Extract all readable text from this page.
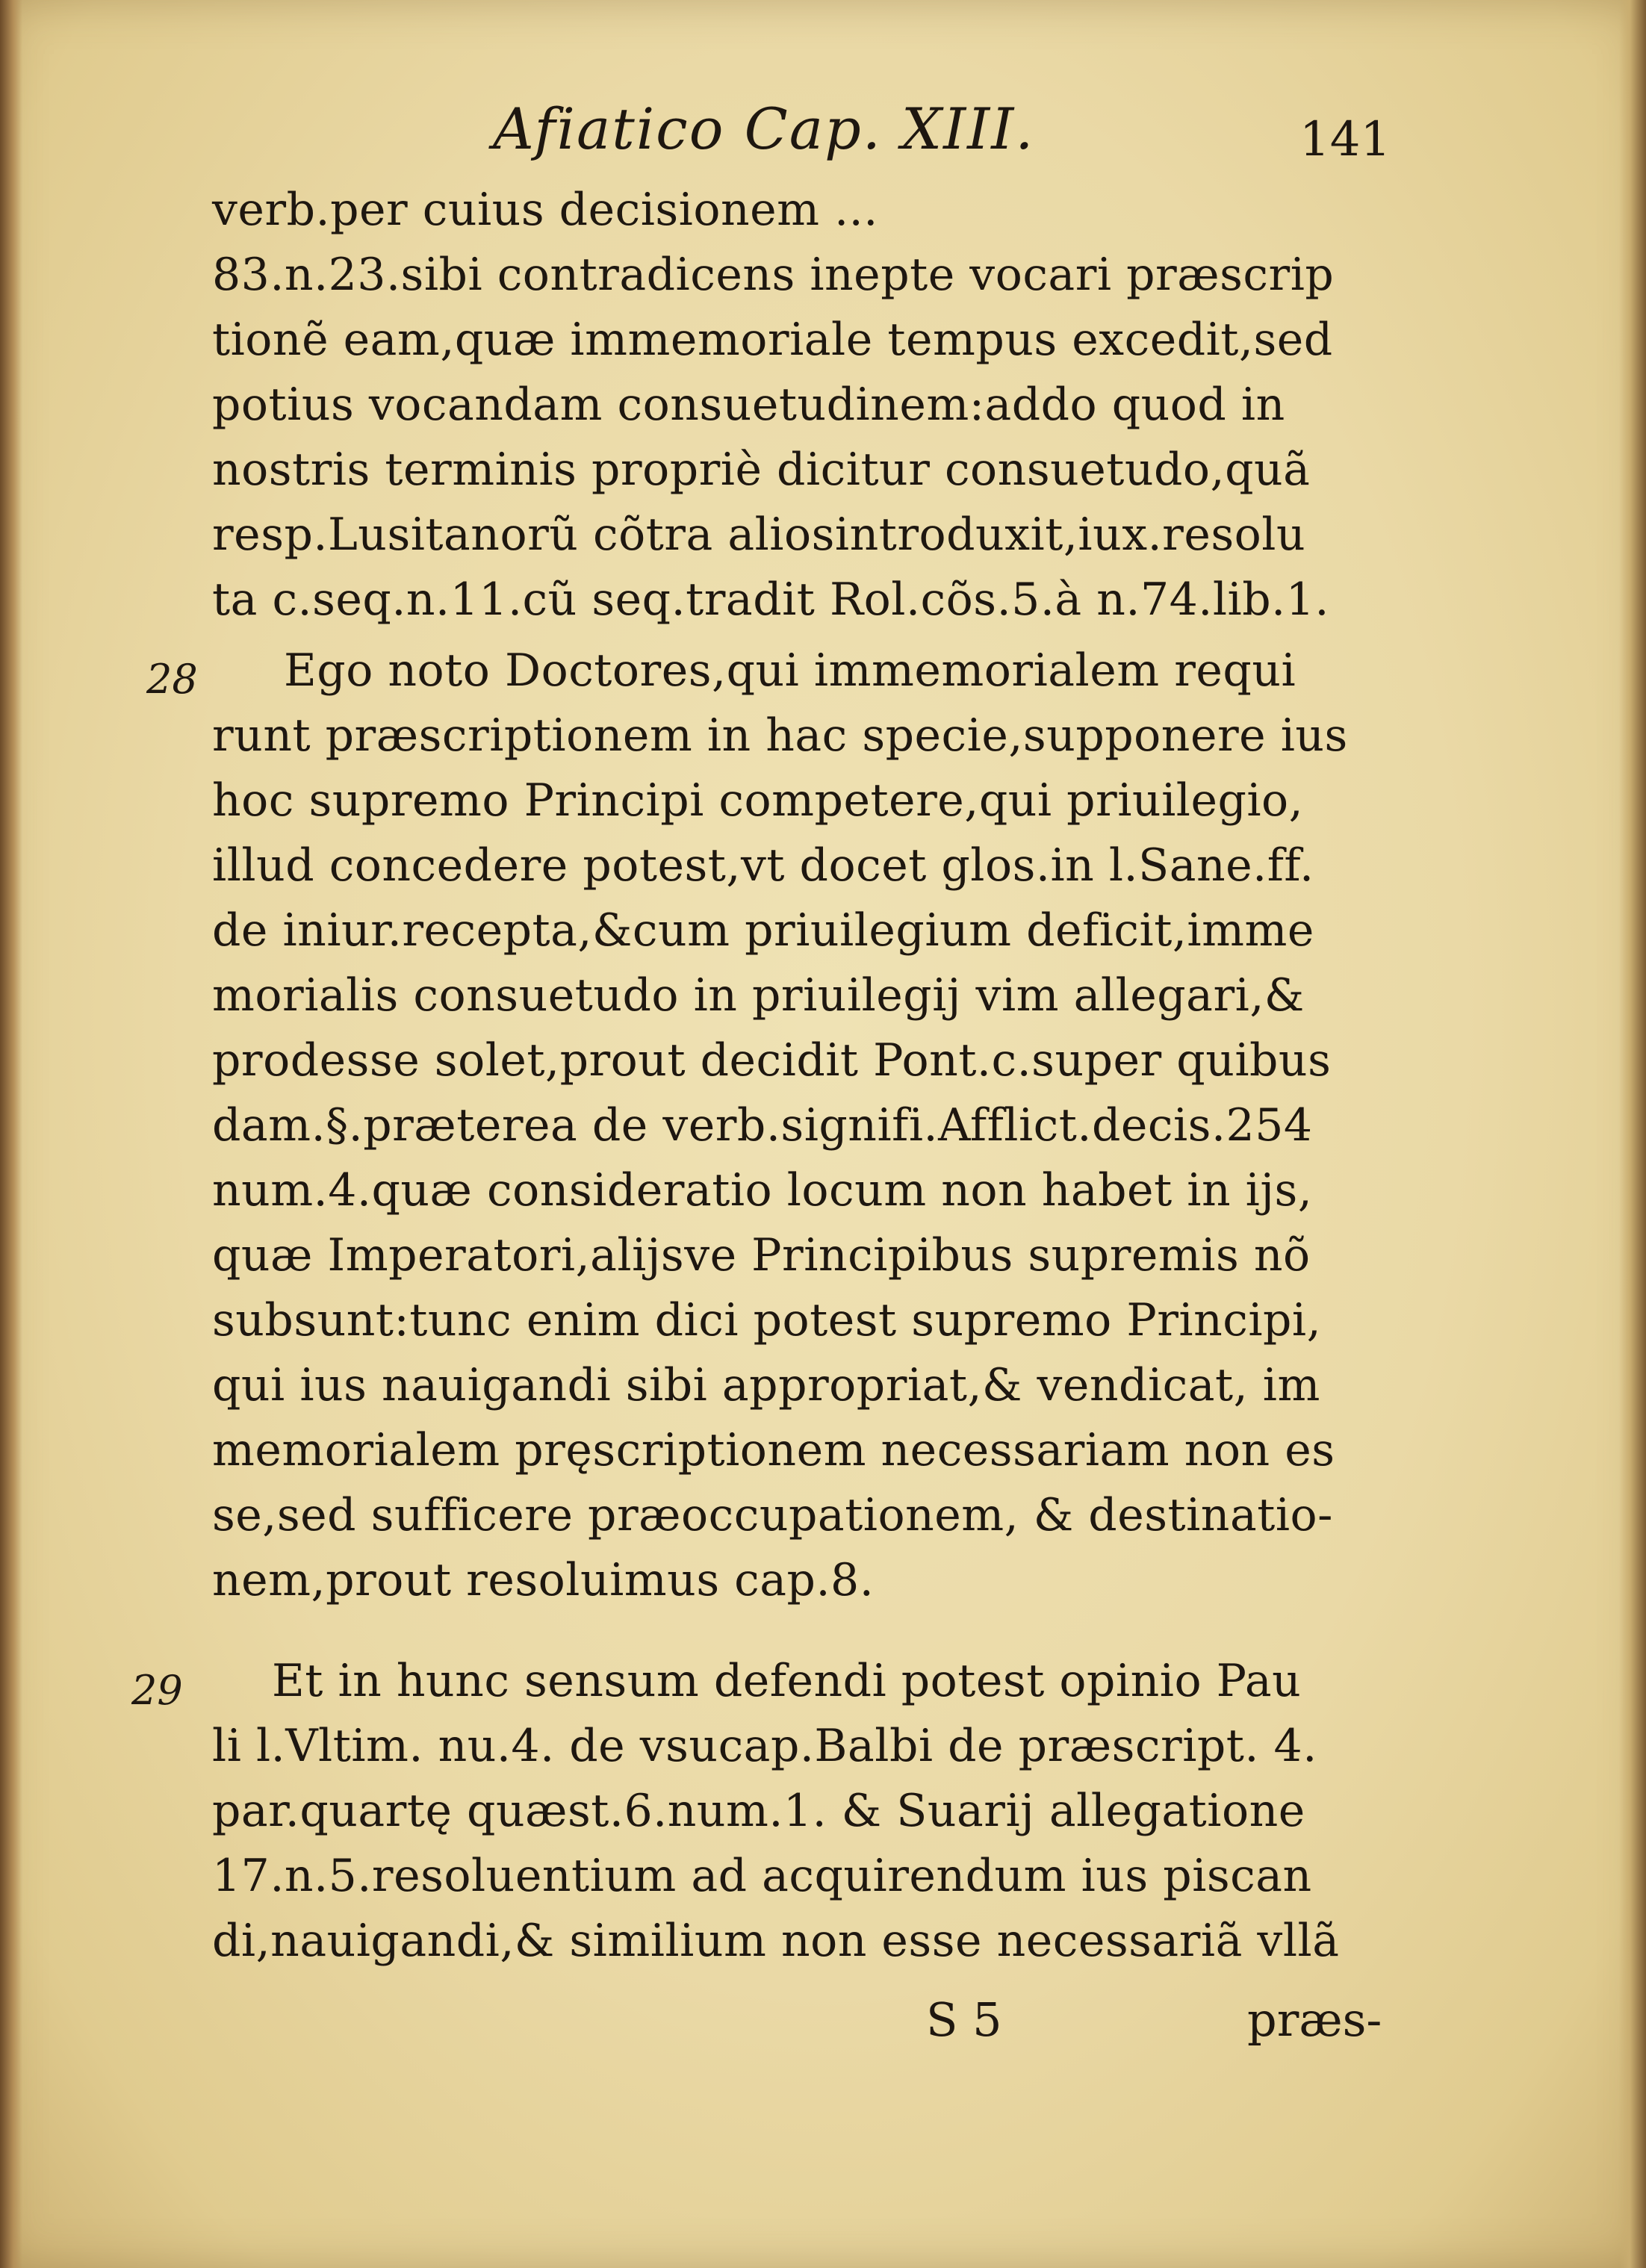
Afiatico Cap. XIII.	141
28
29
verb.per cuius decisionem ...
83.n.23.sibi contradicens inepte vocari præscrip
tionẽ eam,quæ immemoriale tempus excedit,sed
potius vocandam consuetudinem:addo quod in
nostris terminis propriè dicitur consuetudo,quã
resp.Lusitanorũ cõtra aliosintroduxit,iux.resolu
ta c.seq.n.11.cũ seq.tradit Rol.cõs.5.à n.74.lib.1.
Ego noto Doctores,qui immemorialem requi
runt præscriptionem in hac specie,supponere ius
hoc supremo Principi competere,qui priuilegio,
illud concedere potest,vt docet glos.in l.Sane.ff.
de iniur.recepta,&cum priuilegium deficit,imme
morialis consuetudo in priuilegij vim allegari,&
prodesse solet,prout decidit Pont.c.super quibus
dam.§.præterea de verb.signifi.Afflict.decis.254
num.4.quæ consideratio locum non habet in ijs,
quæ Imperatori,alijsve Principibus supremis nõ
subsunt:tunc enim dici potest supremo Principi,
qui ius nauigandi sibi appropriat,& vendicat, im
memorialem pręscriptionem necessariam non es
se,sed sufficere præoccupationem, & destinatio-
nem,prout resoluimus cap.8.
Et in hunc sensum defendi potest opinio Pau
li l.Vltim. nu.4. de vsucap.Balbi de præscript. 4.
par.quartę quæst.6.num.1. & Suarij allegatione
17.n.5.resoluentium ad acquirendum ius piscan
di,nauigandi,& similium non esse necessariã vllã
S 5	præs-
